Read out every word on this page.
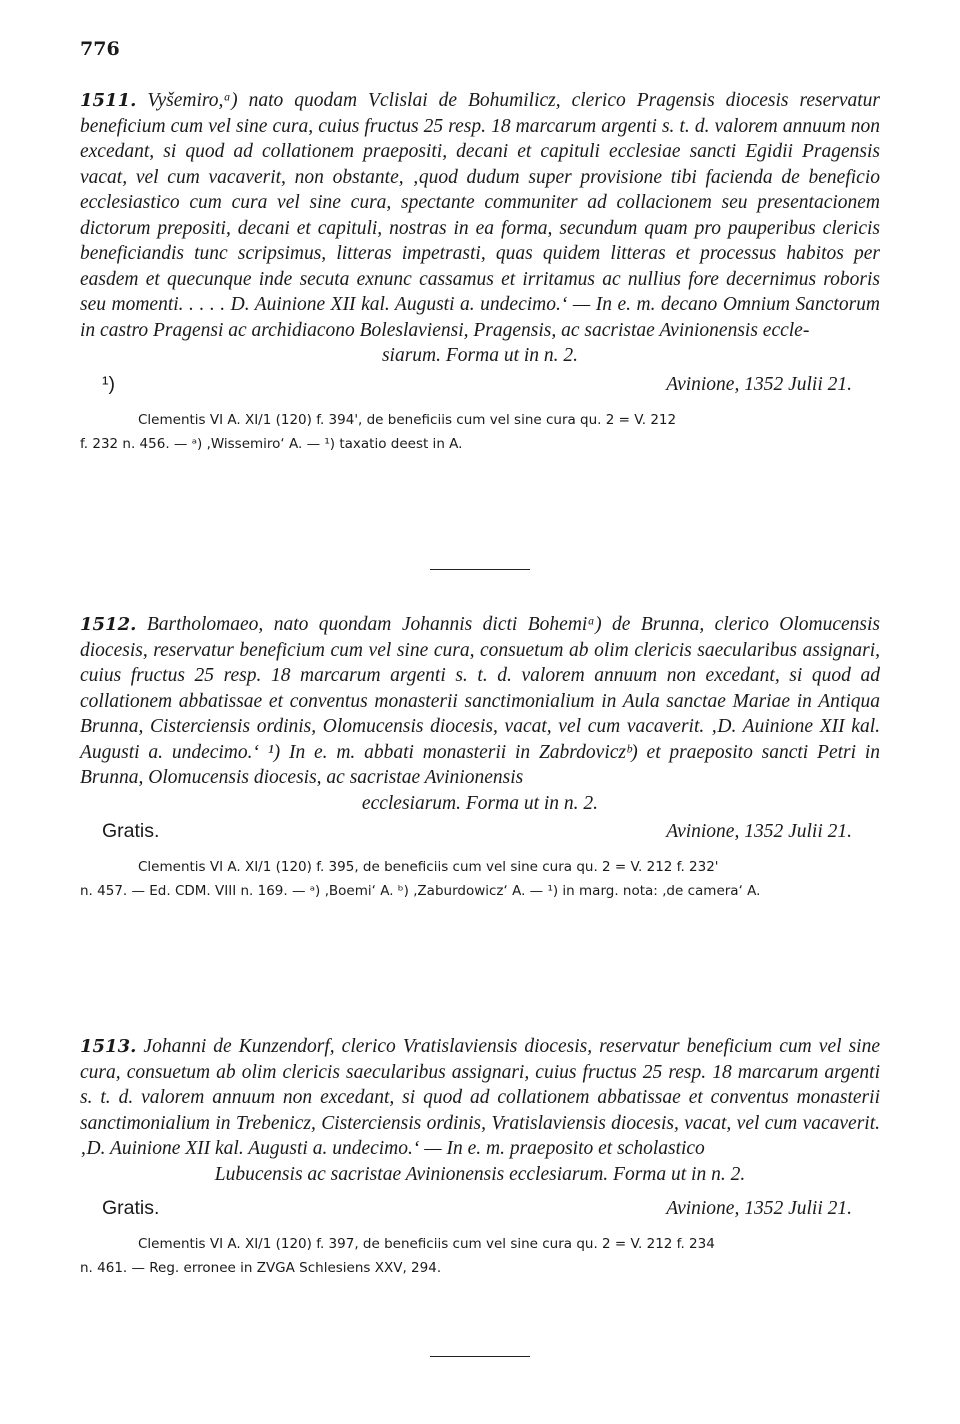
776

1511. Vyšemiro,ᵃ) nato quodam Vclislai de Bohumilicz, clerico Pragensis diocesis reservatur beneficium cum vel sine cura, cuius fructus 25 resp. 18 marcarum argenti s. t. d. valorem annuum non excedant, si quod ad collationem praepositi, decani et capituli ecclesiae sancti Egidii Pragensis vacat, vel cum vacaverit, non obstante, ‚quod dudum super provisione tibi facienda de beneficio ecclesiastico cum cura vel sine cura, spectante communiter ad collacionem seu presentacionem dictorum prepositi, decani et capituli, nostras in ea forma, secundum quam pro pauperibus clericis beneficiandis tunc scripsimus, litteras impetrasti, quas quidem litteras et processus habitos per easdem et quecunque inde secuta exnunc cassamus et irritamus ac nullius fore decernimus roboris seu momenti. . . . . D. Auinione XII kal. Augusti a. undecimo.‘ — In e. m. decano Omnium Sanctorum in castro Pragensi ac archidiacono Boleslaviensi, Pragensis, ac sacristae Avinionensis eccle-

siarum. Forma ut in n. 2.

¹)	Avinione, 1352 Julii 21.
Clementis VI A. XI/1 (120) f. 394', de beneficiis cum vel sine cura qu. 2 = V. 212
f. 232 n. 456. — ᵃ) ‚Wissemiro‘ A. — ¹) taxatio deest in A.

1512. Bartholomaeo, nato quondam Johannis dicti Bohemiᵃ) de Brunna, clerico Olomucensis diocesis, reservatur beneficium cum vel sine cura, consuetum ab olim clericis saecularibus assignari, cuius fructus 25 resp. 18 marcarum argenti s. t. d. valorem annuum non excedant, si quod ad collationem abbatissae et conventus monasterii sanctimonialium in Aula sanctae Mariae in Antiqua Brunna, Cisterciensis ordinis, Olomucensis diocesis, vacat, vel cum vacaverit. ‚D. Auinione XII kal. Augusti a. undecimo.‘ ¹) In e. m. abbati monasterii in Zabrdoviczᵇ) et praeposito sancti Petri in Brunna, Olomucensis diocesis, ac sacristae Avinionensis

ecclesiarum. Forma ut in n. 2.

Gratis.	Avinione, 1352 Julii 21.
Clementis VI A. XI/1 (120) f. 395, de beneficiis cum vel sine cura qu. 2 = V. 212 f. 232'
n. 457. — Ed. CDM. VIII n. 169. — ᵃ) ‚Boemi‘ A. ᵇ) ‚Zaburdowicz‘ A. — ¹) in marg. nota: ‚de camera‘ A.

1513. Johanni de Kunzendorf, clerico Vratislaviensis diocesis, reservatur beneficium cum vel sine cura, consuetum ab olim clericis saecularibus assignari, cuius fructus 25 resp. 18 marcarum argenti s. t. d. valorem annuum non excedant, si quod ad collationem abbatissae et conventus monasterii sanctimonialium in Trebenicz, Cisterciensis ordinis, Vratislaviensis diocesis, vacat, vel cum vacaverit. ‚D. Auinione XII kal. Augusti a. undecimo.‘ — In e. m. praeposito et scholastico

Lubucensis ac sacristae Avinionensis ecclesiarum. Forma ut in n. 2.

Gratis.	Avinione, 1352 Julii 21.
Clementis VI A. XI/1 (120) f. 397, de beneficiis cum vel sine cura qu. 2 = V. 212 f. 234
n. 461. — Reg. erronee in ZVGA Schlesiens XXV, 294.
